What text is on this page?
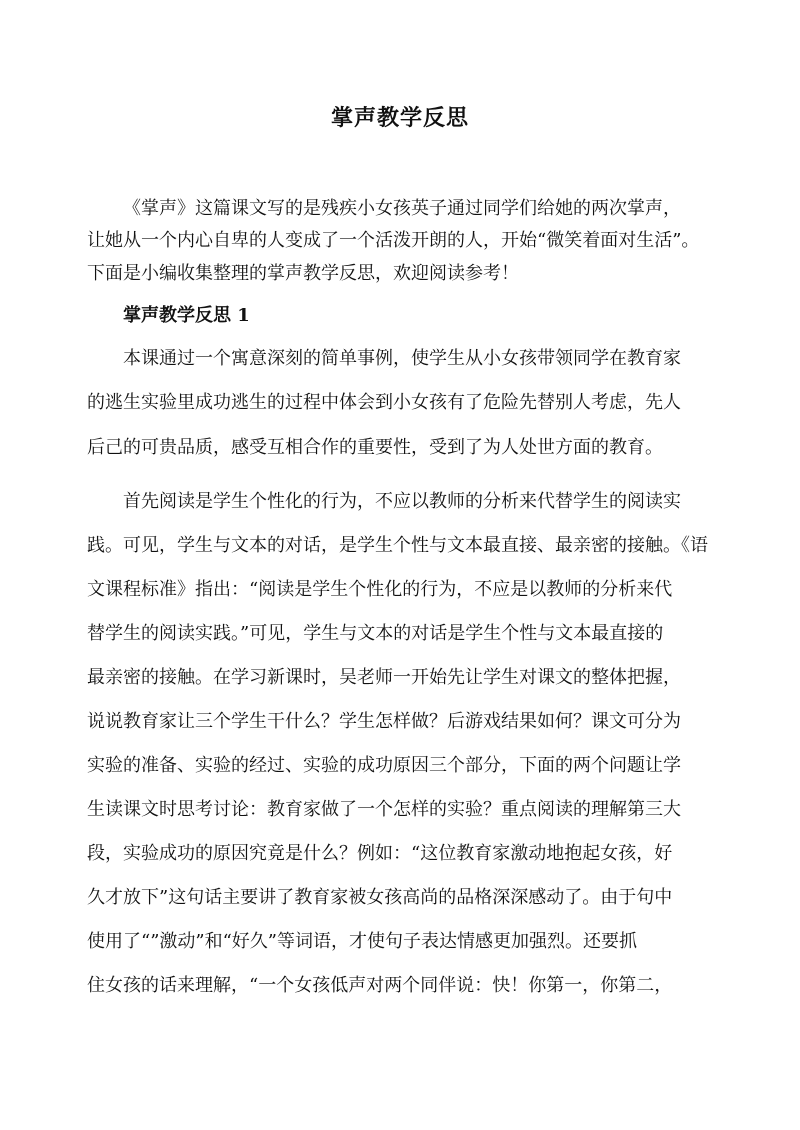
掌声教学反思
《掌声》这篇课文写的是残疾小女孩英子通过同学们给她的两次掌声，
让她从一个内心自卑的人变成了一个活泼开朗的人，开始“微笑着面对生活”。
下面是小编收集整理的掌声教学反思，欢迎阅读参考！
掌声教学反思 1
本课通过一个寓意深刻的简单事例，使学生从小女孩带领同学在教育家
的逃生实验里成功逃生的过程中体会到小女孩有了危险先替别人考虑，先人
后己的可贵品质，感受互相合作的重要性，受到了为人处世方面的教育。
首先阅读是学生个性化的行为，不应以教师的分析来代替学生的阅读实
践。可见，学生与文本的对话，是学生个性与文本最直接、最亲密的接触。《语
文课程标准》指出：“阅读是学生个性化的行为，不应是以教师的分析来代
替学生的阅读实践。”可见，学生与文本的对话是学生个性与文本最直接的
最亲密的接触。在学习新课时，吴老师一开始先让学生对课文的整体把握，
说说教育家让三个学生干什么？学生怎样做？后游戏结果如何？课文可分为
实验的准备、实验的经过、实验的成功原因三个部分，下面的两个问题让学
生读课文时思考讨论：教育家做了一个怎样的实验？重点阅读的理解第三大
段，实验成功的原因究竟是什么？例如：“这位教育家激动地抱起女孩，好
久才放下”这句话主要讲了教育家被女孩高尚的品格深深感动了。由于句中
使用了“”激动”和“好久”等词语，才使句子表达情感更加强烈。还要抓
住女孩的话来理解，“一个女孩低声对两个同伴说：快！你第一，你第二，
